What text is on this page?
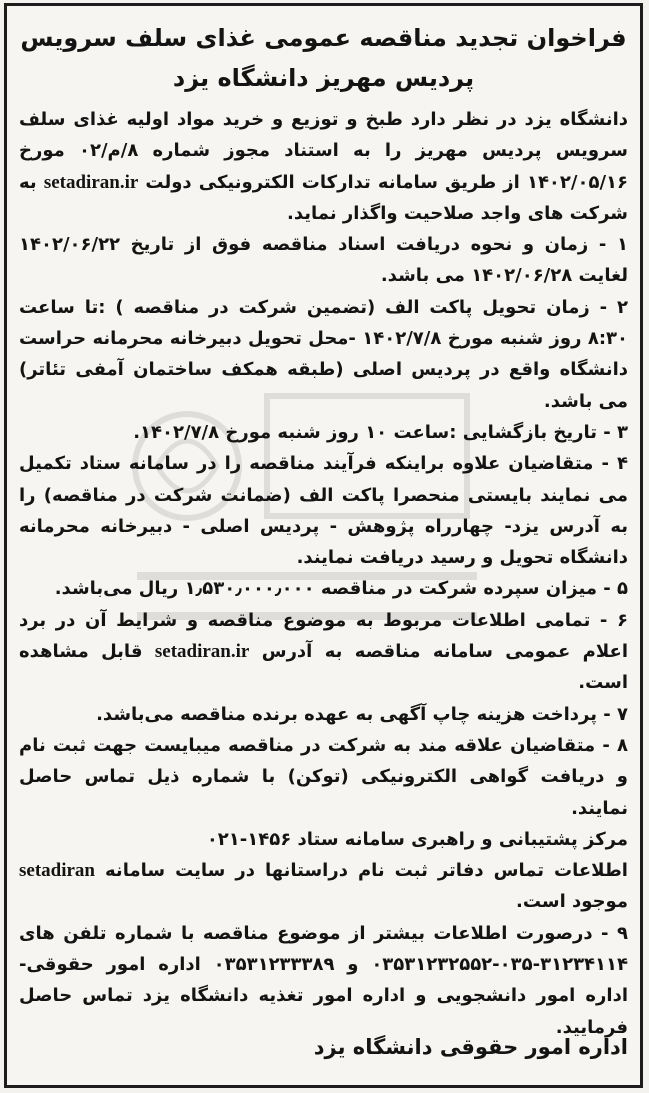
فراخوان تجدید مناقصه عمومی غذای سلف سرویس
پردیس مهریز دانشگاه یزد

دانشگاه یزد در نظر دارد طبخ و توزیع و خرید مواد اولیه غذای سلف سرویس پردیس مهریز را به استناد مجوز شماره ۸/م/۰۲ مورخ ۱۴۰۲/۰۵/۱۶ از طریق سامانه تدارکات الکترونیکی دولت setadiran.ir به شرکت های واجد صلاحیت واگذار نماید.

۱ - زمان و نحوه دریافت اسناد مناقصه فوق از تاریخ ۱۴۰۲/۰۶/۲۲ لغایت ۱۴۰۲/۰۶/۲۸ می باشد.

۲ - زمان تحویل پاکت الف (تضمین شرکت در مناقصه ) :تا ساعت ۸:۳۰ روز شنبه مورخ ۱۴۰۲/۷/۸ -محل تحویل دبیرخانه محرمانه حراست دانشگاه واقع در پردیس اصلی (طبقه همکف ساختمان آمفی تئاتر) می باشد.

۳ - تاریخ بازگشایی :ساعت ۱۰ روز شنبه مورخ ۱۴۰۲/۷/۸.

۴ - متقاضیان علاوه براینکه فرآیند مناقصه را در سامانه ستاد تکمیل می نمایند بایستی منحصرا پاکت الف (ضمانت شرکت در مناقصه) را به آدرس یزد- چهارراه پژوهش - پردیس اصلی - دبیرخانه محرمانه دانشگاه تحویل و رسید دریافت نمایند.

۵ - میزان سپرده شرکت در مناقصه ۱٫۵۳۰٫۰۰۰٫۰۰۰ ریال می‌باشد.

۶ - تمامی اطلاعات مربوط به موضوع مناقصه و شرایط آن در برد اعلام عمومی سامانه مناقصه به آدرس setadiran.ir قابل مشاهده است.

۷ - پرداخت هزینه چاپ آگهی به عهده برنده مناقصه می‌باشد.

۸ - متقاضیان علاقه مند به شرکت در مناقصه میبایست جهت ثبت نام و دریافت گواهی الکترونیکی (توکن) با شماره ذیل تماس حاصل نمایند.

مرکز پشتیبانی و راهبری سامانه ستاد ۱۴۵۶-۰۲۱

اطلاعات تماس دفاتر ثبت نام دراستانها در سایت سامانه setadiran موجود است.

۹ - درصورت اطلاعات بیشتر از موضوع مناقصه با شماره تلفن های ۳۱۲۳۴۱۱۴-۰۳۵-۰۳۵۳۱۲۳۲۵۵۲ و ۰۳۵۳۱۲۳۳۳۸۹ اداره امور حقوقی- اداره امور دانشجویی و اداره امور تغذیه دانشگاه یزد تماس حاصل فرمایید.

اداره امور حقوقی دانشگاه یزد
